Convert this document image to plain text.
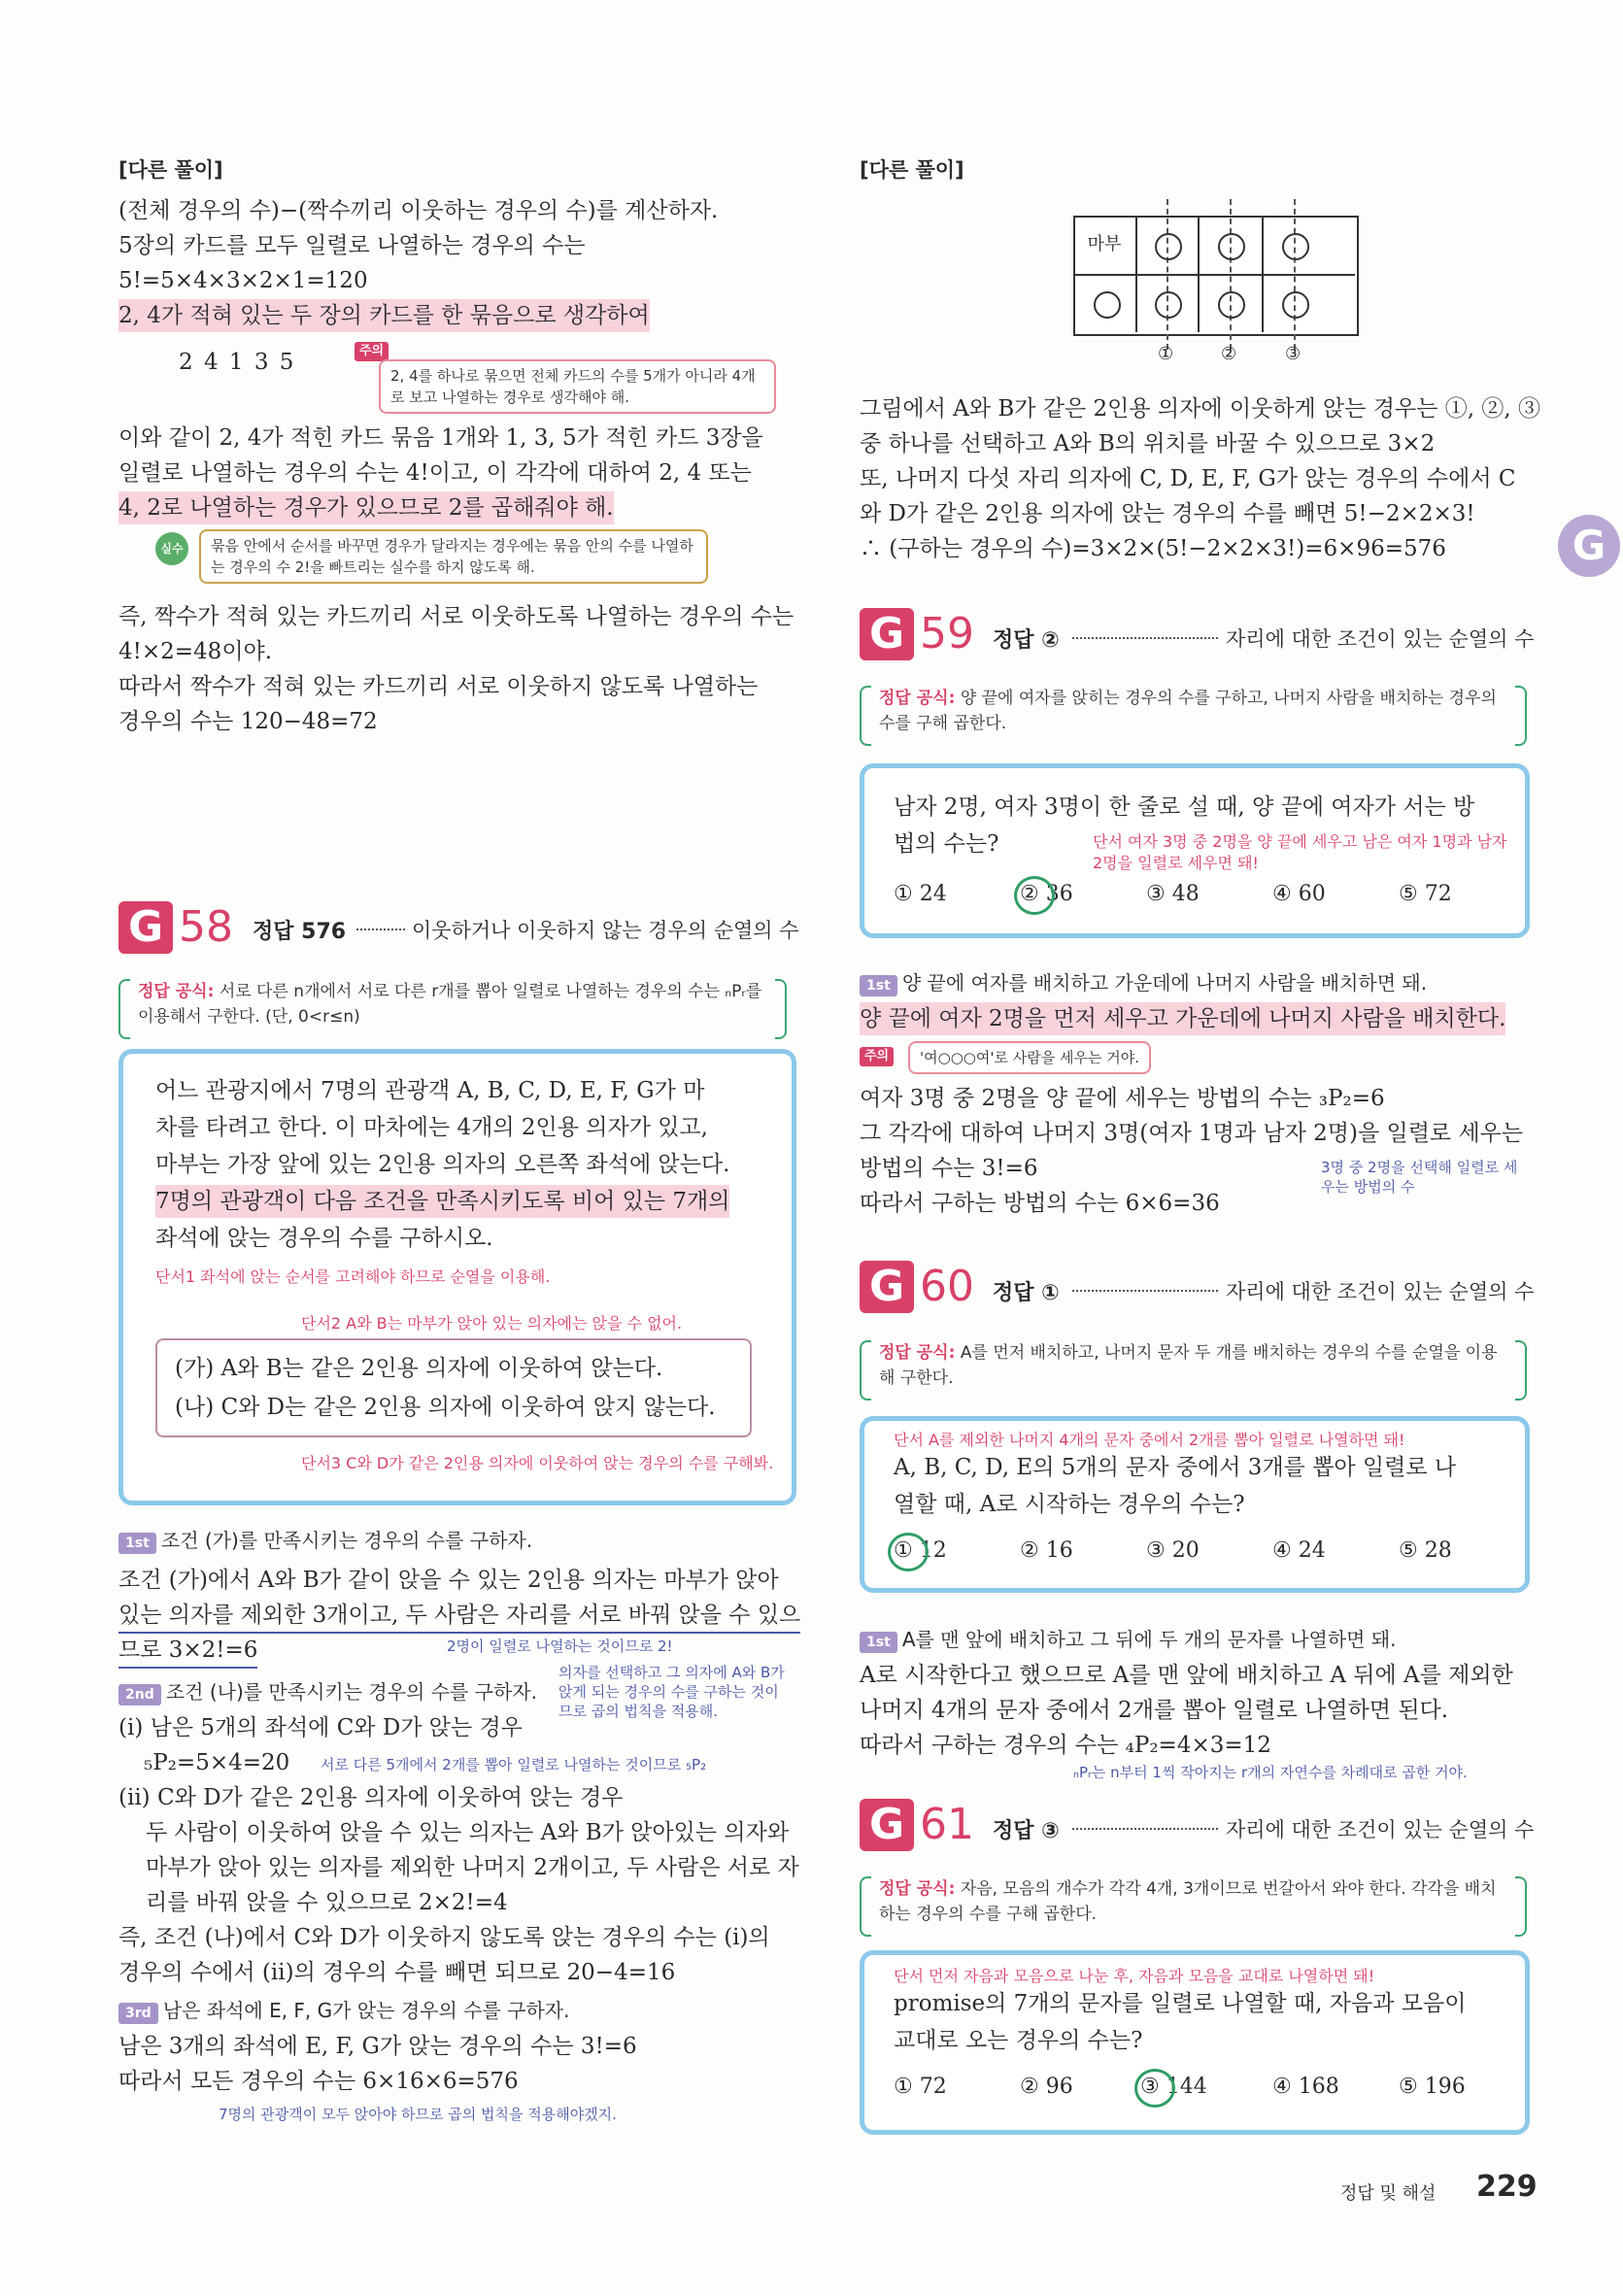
[다른 풀이]
(전체 경우의 수)−(짝수끼리 이웃하는 경우의 수)를 계산하자.
5장의 카드를 모두 일렬로 나열하는 경우의 수는
5!=5×4×3×2×1=120
2, 4가 적혀 있는 두 장의 카드를 한 묶음으로 생각하여
2 4 1 3 5	주의
2, 4를 하나로 묶으면 전체 카드의 수를 5개가 아니라 4개로 보고 나열하는 경우로 생각해야 해.
이와 같이 2, 4가 적힌 카드 묶음 1개와 1, 3, 5가 적힌 카드 3장을
일렬로 나열하는 경우의 수는 4!이고, 이 각각에 대하여 2, 4 또는
4, 2로 나열하는 경우가 있으므로 2를 곱해줘야 해.
실수	묶음 안에서 순서를 바꾸면 경우가 달라지는 경우에는 묶음 안의 수를 나열하는 경우의 수 2!을 빠트리는 실수를 하지 않도록 해.
즉, 짝수가 적혀 있는 카드끼리 서로 이웃하도록 나열하는 경우의 수는
4!×2=48이야.
따라서 짝수가 적혀 있는 카드끼리 서로 이웃하지 않도록 나열하는
경우의 수는 120−48=72
G 58 정답 576	이웃하거나 이웃하지 않는 경우의 순열의 수
정답 공식: 서로 다른 n개에서 서로 다른 r개를 뽑아 일렬로 나열하는 경우의 수는 ₙPᵣ를 이용해서 구한다. (단, 0<r≤n)
어느 관광지에서 7명의 관광객 A, B, C, D, E, F, G가 마
차를 타려고 한다. 이 마차에는 4개의 2인용 의자가 있고,
마부는 가장 앞에 있는 2인용 의자의 오른쪽 좌석에 앉는다.
7명의 관광객이 다음 조건을 만족시키도록 비어 있는 7개의
좌석에 앉는 경우의 수를 구하시오.
단서1 좌석에 앉는 순서를 고려해야 하므로 순열을 이용해.
단서2 A와 B는 마부가 앉아 있는 의자에는 앉을 수 없어.
(가) A와 B는 같은 2인용 의자에 이웃하여 앉는다.
(나) C와 D는 같은 2인용 의자에 이웃하여 앉지 않는다.
단서3 C와 D가 같은 2인용 의자에 이웃하여 앉는 경우의 수를 구해봐.
1st 조건 (가)를 만족시키는 경우의 수를 구하자.
조건 (가)에서 A와 B가 같이 앉을 수 있는 2인용 의자는 마부가 앉아
있는 의자를 제외한 3개이고, 두 사람은 자리를 서로 바꿔 앉을 수 있으
므로 3×2!=6	2명이 일렬로 나열하는 것이므로 2!
2nd 조건 (나)를 만족시키는 경우의 수를 구하자.
의자를 선택하고 그 의자에 A와 B가 앉게 되는 경우의 수를 구하는 것이므로 곱의 법칙을 적용해.
(i) 남은 5개의 좌석에 C와 D가 앉는 경우
₅P₂=5×4=20 서로 다른 5개에서 2개를 뽑아 일렬로 나열하는 것이므로 ₅P₂
(ii) C와 D가 같은 2인용 의자에 이웃하여 앉는 경우
두 사람이 이웃하여 앉을 수 있는 의자는 A와 B가 앉아있는 의자와
마부가 앉아 있는 의자를 제외한 나머지 2개이고, 두 사람은 서로 자
리를 바꿔 앉을 수 있으므로 2×2!=4
즉, 조건 (나)에서 C와 D가 이웃하지 않도록 앉는 경우의 수는 (i)의
경우의 수에서 (ii)의 경우의 수를 빼면 되므로 20−4=16
3rd 남은 좌석에 E, F, G가 앉는 경우의 수를 구하자.
남은 3개의 좌석에 E, F, G가 앉는 경우의 수는 3!=6
따라서 모든 경우의 수는 6×16×6=576
7명의 관광객이 모두 앉아야 하므로 곱의 법칙을 적용해야겠지.
[다른 풀이]
마부
①	②	③
그림에서 A와 B가 같은 2인용 의자에 이웃하게 앉는 경우는 ①, ②, ③
중 하나를 선택하고 A와 B의 위치를 바꿀 수 있으므로 3×2
또, 나머지 다섯 자리 의자에 C, D, E, F, G가 앉는 경우의 수에서 C
와 D가 같은 2인용 의자에 앉는 경우의 수를 빼면 5!−2×2×3!
∴ (구하는 경우의 수)=3×2×(5!−2×2×3!)=6×96=576	G
G 59 정답 ②	자리에 대한 조건이 있는 순열의 수
정답 공식: 양 끝에 여자를 앉히는 경우의 수를 구하고, 나머지 사람을 배치하는 경우의 수를 구해 곱한다.
남자 2명, 여자 3명이 한 줄로 설 때, 양 끝에 여자가 서는 방
법의 수는?	단서 여자 3명 중 2명을 양 끝에 세우고 남은 여자 1명과 남자 2명을 일렬로 세우면 돼!
① 24	② 36	③ 48	④ 60	⑤ 72
1st 양 끝에 여자를 배치하고 가운데에 나머지 사람을 배치하면 돼.
양 끝에 여자 2명을 먼저 세우고 가운데에 나머지 사람을 배치한다.
주의	'여○○○여'로 사람을 세우는 거야.
여자 3명 중 2명을 양 끝에 세우는 방법의 수는 ₃P₂=6
그 각각에 대하여 나머지 3명(여자 1명과 남자 2명)을 일렬로 세우는
방법의 수는 3!=6	3명 중 2명을 선택해 일렬로 세우는 방법의 수
따라서 구하는 방법의 수는 6×6=36
G 60 정답 ①	자리에 대한 조건이 있는 순열의 수
정답 공식: A를 먼저 배치하고, 나머지 문자 두 개를 배치하는 경우의 수를 순열을 이용해 구한다.
단서 A를 제외한 나머지 4개의 문자 중에서 2개를 뽑아 일렬로 나열하면 돼!
A, B, C, D, E의 5개의 문자 중에서 3개를 뽑아 일렬로 나
열할 때, A로 시작하는 경우의 수는?
① 12	② 16	③ 20	④ 24	⑤ 28
1st A를 맨 앞에 배치하고 그 뒤에 두 개의 문자를 나열하면 돼.
A로 시작한다고 했으므로 A를 맨 앞에 배치하고 A 뒤에 A를 제외한
나머지 4개의 문자 중에서 2개를 뽑아 일렬로 나열하면 된다.
따라서 구하는 경우의 수는 ₄P₂=4×3=12
ₙPᵣ는 n부터 1씩 작아지는 r개의 자연수를 차례대로 곱한 거야.
G 61 정답 ③	자리에 대한 조건이 있는 순열의 수
정답 공식: 자음, 모음의 개수가 각각 4개, 3개이므로 번갈아서 와야 한다. 각각을 배치하는 경우의 수를 구해 곱한다.
단서 먼저 자음과 모음으로 나눈 후, 자음과 모음을 교대로 나열하면 돼!
promise의 7개의 문자를 일렬로 나열할 때, 자음과 모음이
교대로 오는 경우의 수는?
① 72	② 96	③ 144	④ 168	⑤ 196
정답 및 해설 229
